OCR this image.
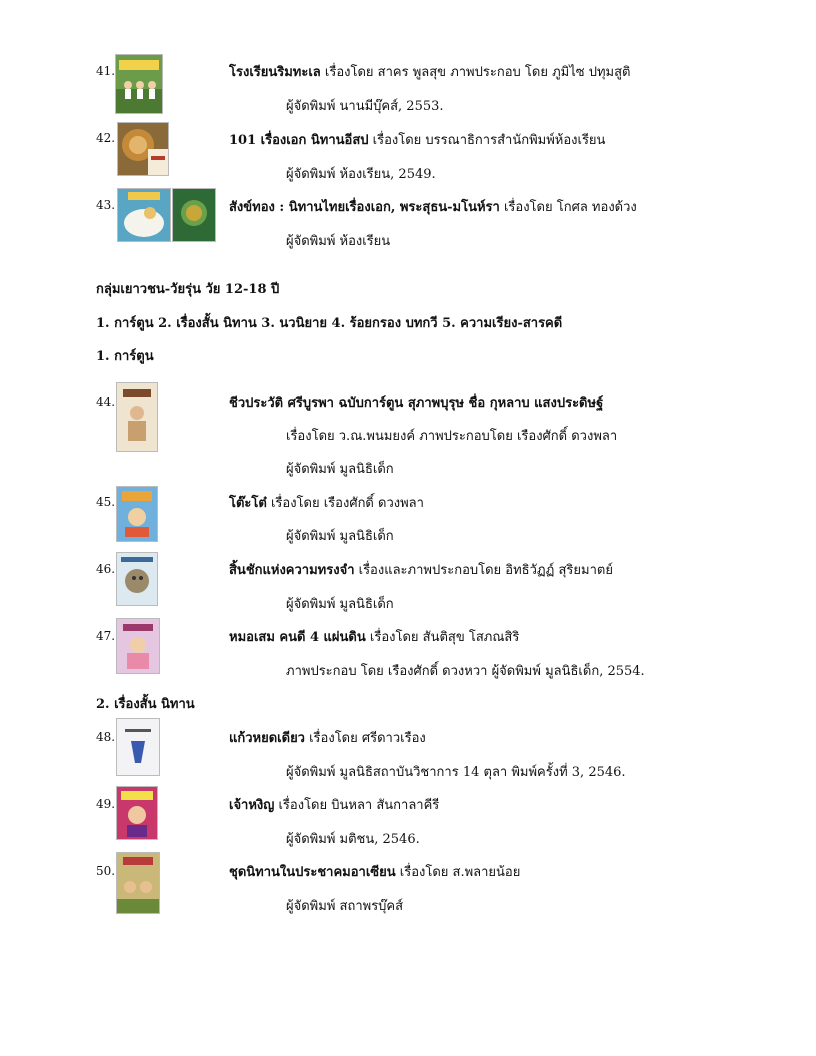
41.	โรงเรียนริมทะเล เรื่องโดย สาคร พูลสุข ภาพประกอบ โดย ภูมิไซ ปทุมสูติ
ผู้จัดพิมพ์ นานมีบุ๊คส์, 2553.
42.	101 เรื่องเอก นิทานอีสป เรื่องโดย บรรณาธิการสำนักพิมพ์ห้องเรียน
ผู้จัดพิมพ์ ห้องเรียน, 2549.
43.	สังข์ทอง : นิทานไทยเรื่องเอก, พระสุธน-มโนห์รา เรื่องโดย โกศล ทองด้วง
ผู้จัดพิมพ์ ห้องเรียน
กลุ่มเยาวชน-วัยรุ่น วัย 12-18 ปี
1. การ์ตูน 2. เรื่องสั้น นิทาน 3. นวนิยาย 4. ร้อยกรอง บทกวี 5. ความเรียง-สารคดี
1. การ์ตูน
44.	ชีวประวัติ ศรีบูรพา ฉบับการ์ตูน สุภาพบุรุษ ชื่อ กุหลาบ แสงประดิษฐ์
เรื่องโดย ว.ณ.พนมยงค์ ภาพประกอบโดย เรืองศักดิ์ ดวงพลา
ผู้จัดพิมพ์ มูลนิธิเด็ก
45.	โต๊ะโต๋ เรื่องโดย เรืองศักดิ์ ดวงพลา
ผู้จัดพิมพ์ มูลนิธิเด็ก
46.	สิ้นชักแห่งความทรงจำ เรื่องและภาพประกอบโดย อิทธิวัฏฏ์ สุริยมาตย์
ผู้จัดพิมพ์ มูลนิธิเด็ก
47.	หมอเสม คนดี 4 แผ่นดิน เรื่องโดย สันติสุข โสภณสิริ
ภาพประกอบ โดย เรืองศักดิ์ ดวงหวา ผู้จัดพิมพ์ มูลนิธิเด็ก, 2554.
2. เรื่องสั้น นิทาน
48.	แก้วหยดเดียว เรื่องโดย ศรีดาวเรือง
ผู้จัดพิมพ์ มูลนิธิสถาบันวิชาการ 14 ตุลา พิมพ์ครั้งที่ 3, 2546.
49.	เจ้าหงิญ เรื่องโดย บินหลา สันกาลาคีรี
ผู้จัดพิมพ์ มติชน, 2546.
50.	ชุดนิทานในประชาคมอาเซียน เรื่องโดย ส.พลายน้อย
ผู้จัดพิมพ์ สถาพรบุ๊คส์
